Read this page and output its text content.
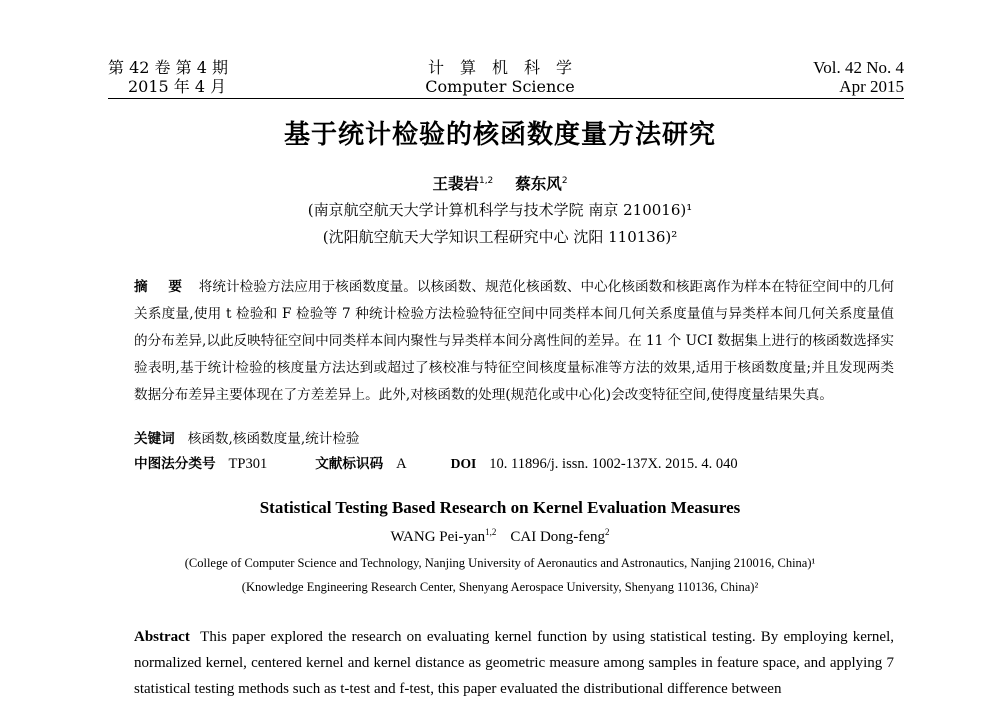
第 42 卷 第 4 期
2015 年 4 月
计算机科学
Computer Science
Vol. 42 No. 4
Apr 2015
基于统计检验的核函数度量方法研究
王裴岩$^{1,2}$ 蔡东风$^2$
(南京航空航天大学计算机科学与技术学院 南京 210016)¹
(沈阳航空航天大学知识工程研究中心 沈阳 110136)²
摘 要 将统计检验方法应用于核函数度量。以核函数、规范化核函数、中心化核函数和核距离作为样本在特征空间中的几何关系度量,使用 t 检验和 F 检验等 7 种统计检验方法检验特征空间中同类样本间几何关系度量值与异类样本间几何关系度量值的分布差异,以此反映特征空间中同类样本间内聚性与异类样本间分离性间的差异。在 11 个 UCI 数据集上进行的核函数选择实验表明,基于统计检验的核度量方法达到或超过了核校准与特征空间核度量标准等方法的效果,适用于核函数度量;并且发现两类数据分布差异主要体现在了方差差异上。此外,对核函数的处理(规范化或中心化)会改变特征空间,使得度量结果失真。
关键词 核函数,核函数度量,统计检验
中图法分类号 TP301	文献标识码 A	DOI 10. 11896/j. issn. 1002-137X. 2015. 4. 040
Statistical Testing Based Research on Kernel Evaluation Measures
WANG Pei-yan$^{1,2}$ CAI Dong-feng$^2$
(College of Computer Science and Technology, Nanjing University of Aeronautics and Astronautics, Nanjing 210016, China)¹
(Knowledge Engineering Research Center, Shenyang Aerospace University, Shenyang 110136, China)²
Abstract This paper explored the research on evaluating kernel function by using statistical testing. By employing kernel, normalized kernel, centered kernel and kernel distance as geometric measure among samples in feature space, and applying 7 statistical testing methods such as t-test and f-test, this paper evaluated the distributional difference between
